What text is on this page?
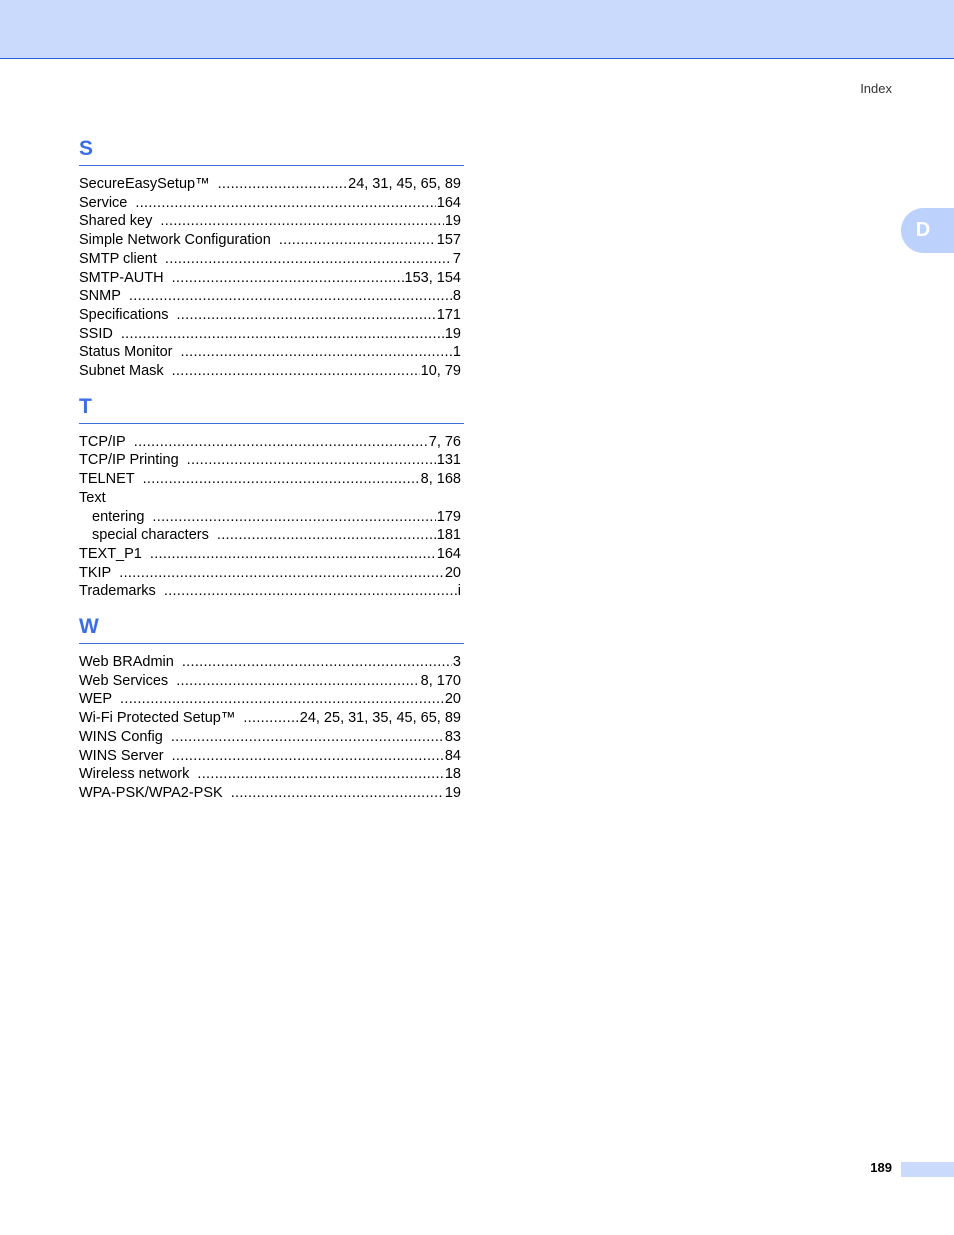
Index
D
S
SecureEasySetup™ .....	24, 31, 45, 65, 89
Service .....	164
Shared key .....	19
Simple Network Configuration .....	157
SMTP client .....	7
SMTP-AUTH .....	153, 154
SNMP .....	8
Specifications .....	171
SSID .....	19
Status Monitor .....	1
Subnet Mask .....	10, 79
T
TCP/IP .....	7, 76
TCP/IP Printing .....	131
TELNET .....	8, 168
Text
entering .....	179
special characters .....	181
TEXT_P1 .....	164
TKIP .....	20
Trademarks .....	i
W
Web BRAdmin .....	3
Web Services .....	8, 170
WEP .....	20
Wi-Fi Protected Setup™ .....	24, 25, 31, 35, 45, 65, 89
WINS Config .....	83
WINS Server .....	84
Wireless network .....	18
WPA-PSK/WPA2-PSK .....	19
189
